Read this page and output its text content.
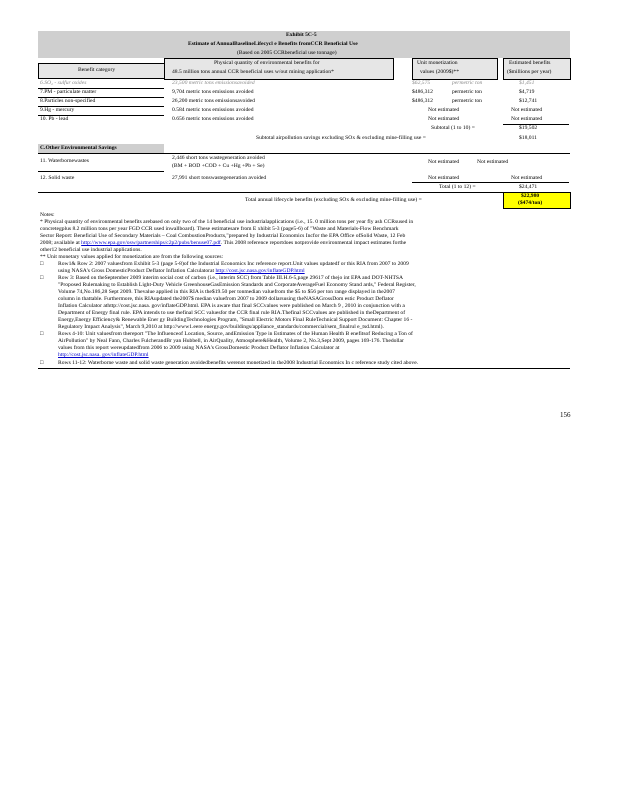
Exhibit 5C-5
Estimate of AnnualBaselineLifecycl e Benefits fromCCR Beneficial Use
(Based on 2005 CCRbeneficial use tonnage)
Benefit category
Physical quantity of environmental benefits for
48.5 million tons annual CCR beneficial uses w/out mining application*
Unit monetization
values (2009$)**
Estimated benefits
($millions per year)
6.SO₂ - sulfur oxides	23,500 metric tons emissionsavoided	$62,575	permetric ton	$1,451
7.PM - particulate matter	9,704 metric tons emissions avoided	$486,312	permetric ton	$4,719
8.Particles non-specified	26,200 metric tons emissionsavoided	$486,312	permetric ton	$12,741
9.Hg - mercury	0.584 metric tons emissions avoided	Not estimated	Not estimated
10. Pb - lead	0.656 metric tons emissions avoided	Not estimated	Not estimated
Subtotal (1 to 10) =	$19,502
Subtotal airpollution savings excluding SOx & excluding mine-filling use =	$18,011
C.Other Environmental Savings
11. Waterbornewastes	2,446 short tons wastegeneration avoided
(BM + BOD +COD + Cu +Hg +Pb + Se)
Not estimated	Not estimated
12. Solid waste	27,991 short tonswastegeneration avoided	Not estimated	Not estimated
Total (1 to 12) =	$24,471
Total annual lifecycle benefits (excluding SOx & excluding mine-filling use) =
$22,980
($474/ton)
Notes:
* Physical quantity of environmental benefits arebased on only two of the 14 beneficial use industrialapplications (i.e., 15. 0 million tons per year fly ash CCRsused in
concretegplus 8.2 million tons per year FGD CCR used inwallboard). These estimatesare from E xhibit 5-3 (page5-6) of "Waste and Materials-Flow Benchmark
Sector Report: Beneficial Use of Secondary Materials – Coal CombustionProducts,"prepared by Industrial Economics Incfor the EPA Office ofSolid Waste, 12 Feb
2008; available at http://www.epa.gov/osw/partnerships/c2p2/pubs/benuse07.pdf. This 2008 reference reportdoes notprovide environmental impact estimates forthe
other12 beneficial use industrial applications.
** Unit monetary values applied for monetization are from the following sources:
□	Row1& Row 2: 2007 valuesfrom Exhibit 5-3 (page 5-8)of the Industrial Economics Inc reference report.Unit values updatedf or this RIA from 2007 to 2009
using NASA's Gross DomesticProduct Deflator Inflation Calculatorat http://cost.jsc.nasa.gov/inflateGDP.html
□	Row 3: Based on theSeptember 2009 interim social cost of carbon (i.e., interim SCC) from Table III.H.6-5,page 29617 of thejo int EPA and DOT-NHTSA
"Proposed Rulemaking to Establish Light-Duty Vehicle GreenhouseGasEmission Standards and CorporateAverageFuel Economy Stand ards," Federal Register,
Volume 74,No.186,28 Sept 2009. Thevalue applied in this RIA is the$19.50 per tonmedian valuefrom the $5 to $56 per ton range displayed in the2007
column in thattable. Furthermore, this RIAupdated the2007$ median valuefrom 2007 to 2009 dollarsusing theNASAGrossDom estic Product Deflator
Inflation Calculator athttp://cost.jsc.nasa. gov/inflateGDP.html. EPA is aware that final SCCvalues were published on March 9 , 2010 in conjunction with a
Department of Energy final rule. EPA intends to use thefinal SCC valuesfor the CCR final rule RIA.Thefinal SCCvalues are published in theDepartment of
Energy,Energy Efficiency& Renewable Ener gy BuildingTechnologies Program, "Small Electric Motors Final RuleTechnical Support Document: Chapter 16 -
Regulatory Impact Analysis", March 9,2010 at http://www1.eere energy.gov/buildings/appliance_standards/commercial/sem_finalrul e_tsd.html).
□	Rows 4-10: Unit valuesfrom thereport "The Influenceof Location, Source, andEmission Type in Estimates of the Human Health B enefitsof Reducing a Ton of
AirPollution" by Neal Fann, Charles FulcherandBr yan Hubbell, in AirQuality, Atmosphere&Health, Volume 2, No.3,Sept 2009, pages 169-176. Thedollar
values from this report wereupdatedfrom 2006 to 2009 using NASA's GrossDomestic Product Deflator Inflation Calculator at
http://cost.jsc.nasa. gov/inflateGDP.html
□	Rows 11-12: Waterborne waste and solid waste generation avoidedbenefits werenot monetized in the2008 Industrial Economics In c reference study cited above.
156
